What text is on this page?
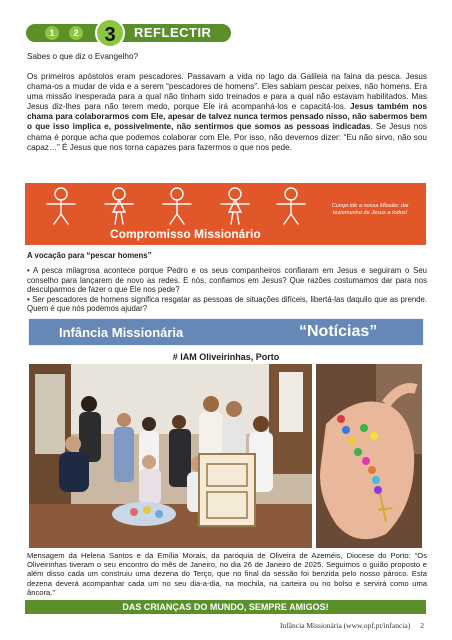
1	2	3	REFLECTIR
Sabes o que diz o Evangelho?
Os primeiros apóstolos eram pescadores. Passavam a vida no lago da Galileia na faina da pesca. Jesus chama-os a mudar de vida e a serem “pescadores de homens”. Eles sabiam pescar peixes, não homens. Era uma missão inesperada para a qual não tinham sido treinados e para a qual não estavam habilitados. Mas Jesus diz-lhes para não terem medo, porque Ele irá acompanhá-los e capacitá-los. Jesus também nos chama para colaborarmos com Ele, apesar de talvez nunca termos pensado nisso, não sabermos bem o que isso implica e, possivelmente, não sentirmos que somos as pessoas indicadas. Se Jesus nos chama é porque acha que podemos colaborar com Ele. Por isso, não devemos dizer: “Eu não sirvo, não sou capaz…” É Jesus que nos torna capazes para fazermos o que nos pede.
Compromisso Missionário
Cumpr.ide a nossa Missão: dai testemunho de Jesus a todos!
A vocação para “pescar homens”

• A pesca milagrosa acontece porque Pedro e os seus companheiros confiaram em Jesus e seguiram o Seu conselho para lançarem de novo as redes. E nós, confiamos em Jesus? Que razões costumamos dar para nos desculparmos de fazer o que Ele nos pede?

• Ser pescadores de homens significa resgatar as pessoas de situações difíceis, libertá-las daquilo que as prende. Quem é que nós podemos ajudar?

Infância Missionária	“Notícias”
# IAM Oliveirinhas, Porto
Mensagem da Helena Santos e da Emília Morais, da paróquia de Oliveira de Azeméis, Diocese do Porto: “Os Oliveirinhas tiveram o seu encontro do mês de Janeiro, no dia 26 de Janeiro de 2025. Seguimos o guião proposto e além disso cada um construiu uma dezena do Terço, que no final da sessão foi benzida pelo nosso pároco. Esta dezena deverá acompanhar cada um no seu dia-a-dia, na mochila, na carteira ou no bolso e servirá como uma âncora.”
DAS CRIANÇAS DO MUNDO, SEMPRE AMIGOS!
Infância Missionária (www.opf.pt/infancia) 2
